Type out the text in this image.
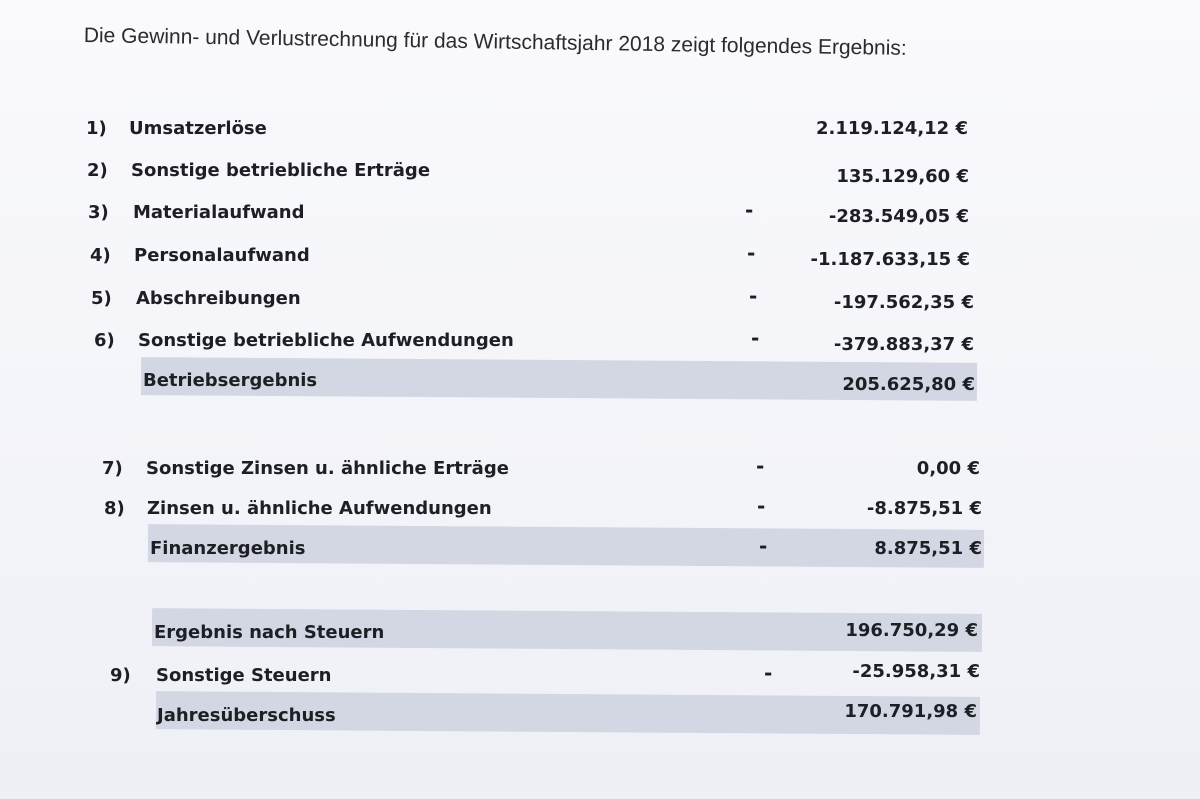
Die Gewinn- und Verlustrechnung für das Wirtschaftsjahr 2018 zeigt folgendes Ergebnis:
1) Umsatzerlöse	2.119.124,12 €
2) Sonstige betriebliche Erträge	135.129,60 €
3) Materialaufwand	-	-283.549,05 €
4) Personalaufwand	-	-1.187.633,15 €
5) Abschreibungen	-	-197.562,35 €
6) Sonstige betriebliche Aufwendungen	-	-379.883,37 €
Betriebsergebnis	205.625,80 €
7) Sonstige Zinsen u. ähnliche Erträge	-	0,00 €
8) Zinsen u. ähnliche Aufwendungen	-	-8.875,51 €
Finanzergebnis	-	8.875,51 €
Ergebnis nach Steuern	196.750,29 €
9) Sonstige Steuern	-	-25.958,31 €
Jahresüberschuss	170.791,98 €
